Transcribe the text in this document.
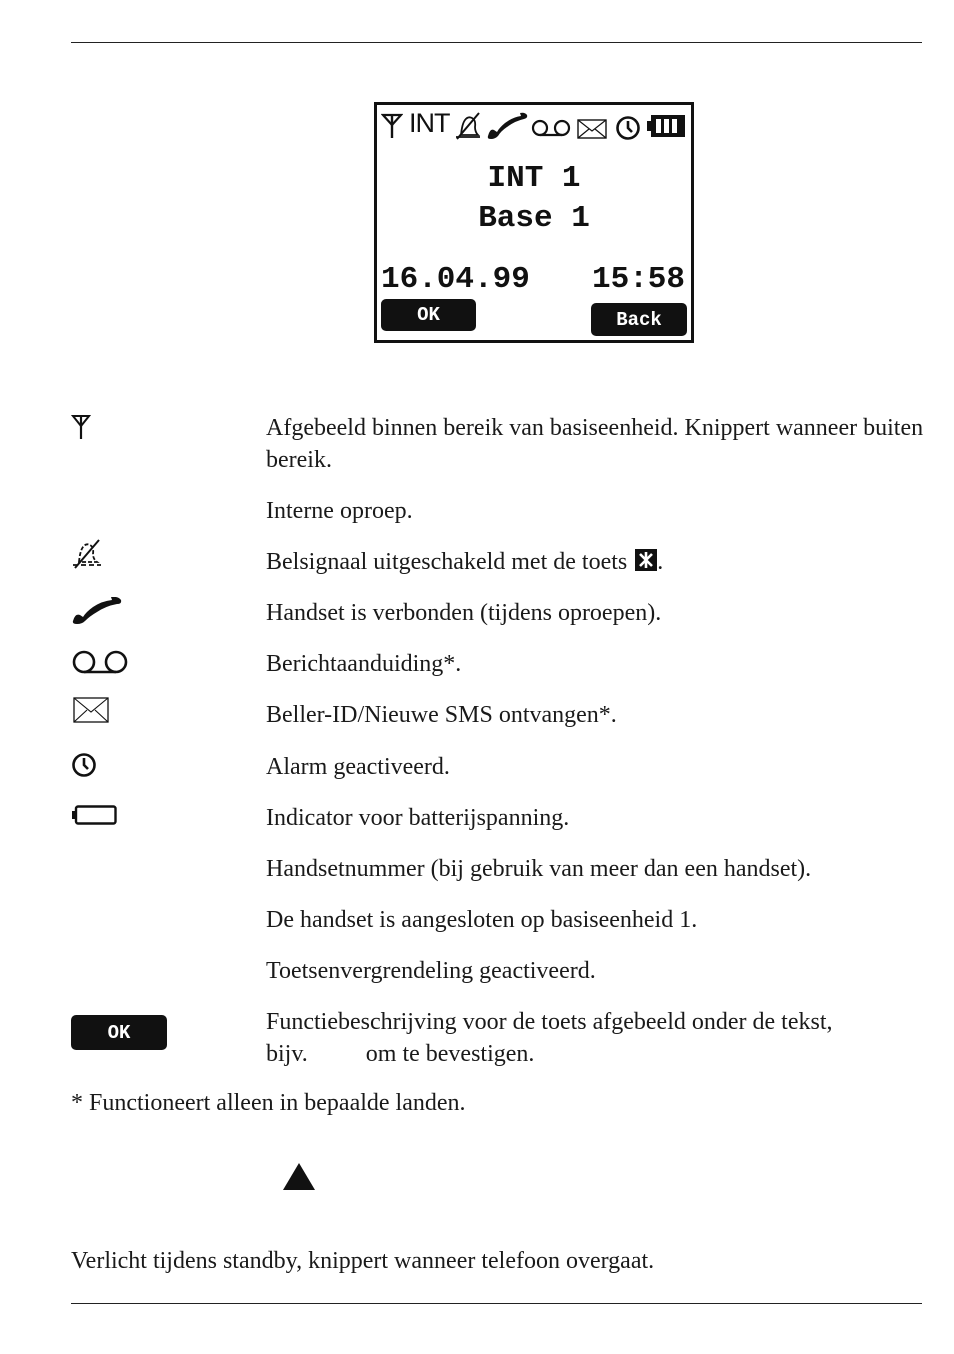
INT
INT 1
Base 1
16.04.99 15:58
OK	Back
Afgebeeld binnen bereik van basiseenheid. Knippert wanneer buiten bereik.
Interne oproep.
Belsignaal uitgeschakeld met de toets .
Handset is verbonden (tijdens oproepen).
Berichtaanduiding*.
Beller-ID/Nieuwe SMS ontvangen*.
Alarm geactiveerd.
Indicator voor batterijspanning.
Handsetnummer (bij gebruik van meer dan een handset).
De handset is aangesloten op basiseenheid 1.
Toetsenvergrendeling geactiveerd.
OK	Functiebeschrijving voor de toets afgebeeld onder de tekst,
bijv. om te bevestigen.
* Functioneert alleen in bepaalde landen.
Verlicht tijdens standby, knippert wanneer telefoon overgaat.
